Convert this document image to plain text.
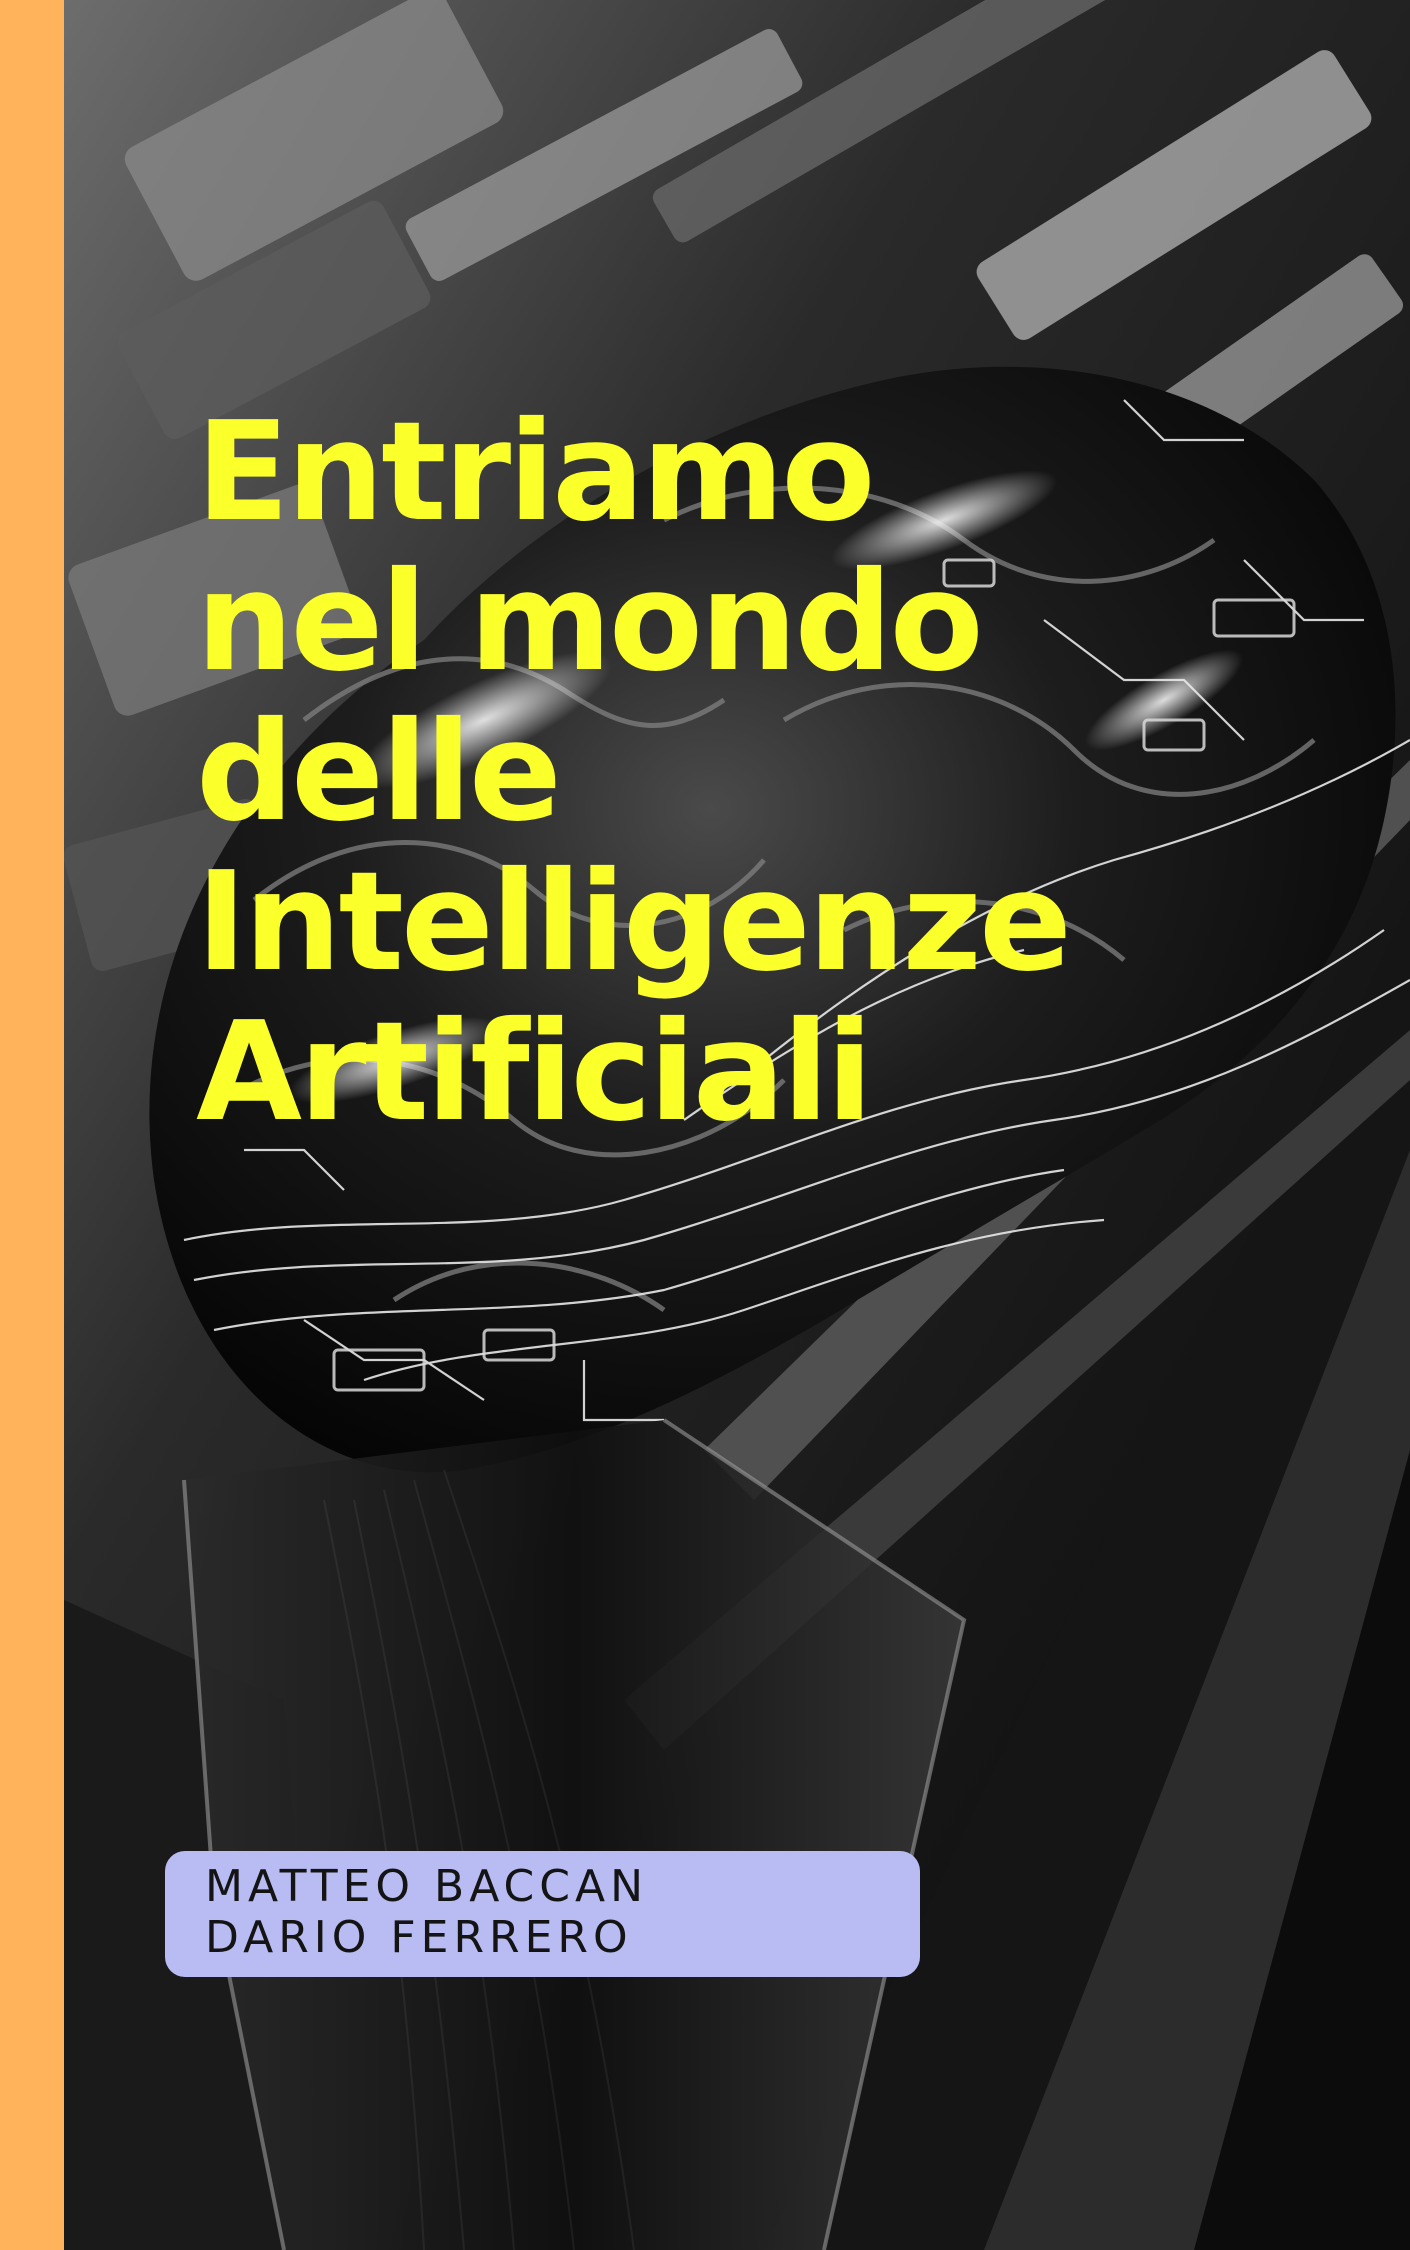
Entriamo
nel mondo
delle
Intelligenze
Artificiali
MATTEO BACCAN
DARIO FERRERO
